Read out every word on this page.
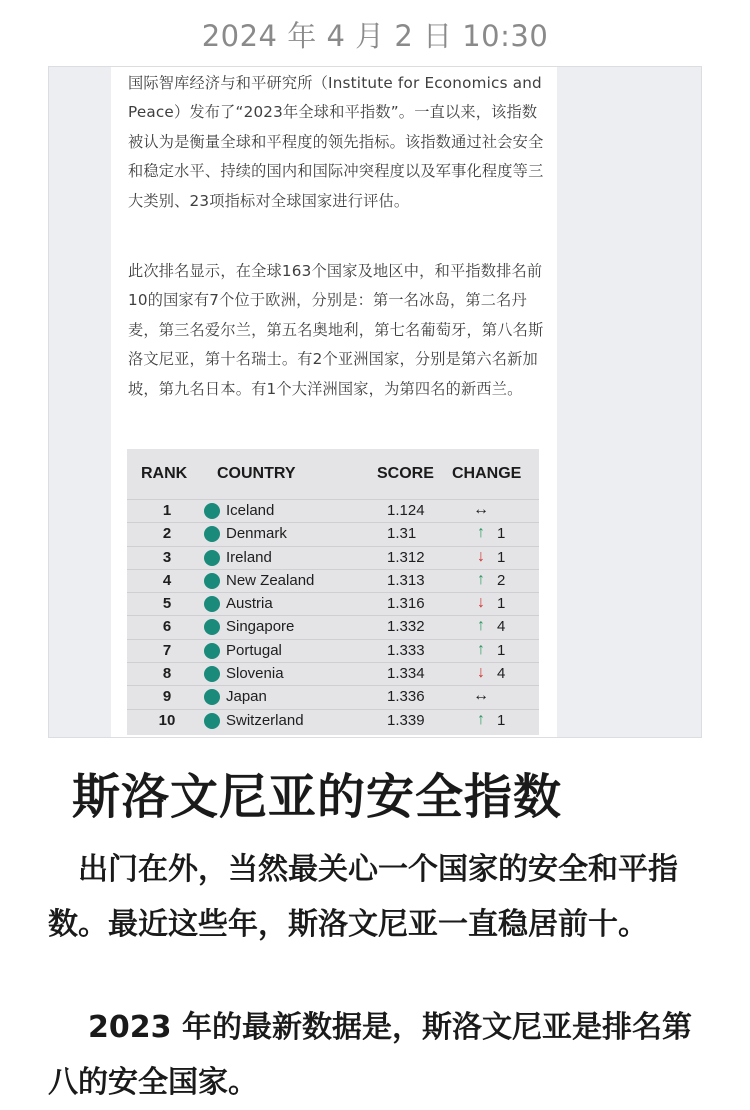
2024 年 4 月 2 日 10:30

国际智库经济与和平研究所（Institute for Economics and Peace）发布了“2023年全球和平指数”。一直以来，该指数被认为是衡量全球和平程度的领先指标。该指数通过社会安全和稳定水平、持续的国内和国际冲突程度以及军事化程度等三大类别、23项指标对全球国家进行评估。

此次排名显示，在全球163个国家及地区中，和平指数排名前10的国家有7个位于欧洲，分别是：第一名冰岛，第二名丹麦，第三名爱尔兰，第五名奥地利，第七名葡萄牙，第八名斯洛文尼亚，第十名瑞士。有2个亚洲国家，分别是第六名新加坡，第九名日本。有1个大洋洲国家，为第四名的新西兰。

RANK COUNTRY	SCORE CHANGE
1	Iceland	1.124	↔
2	Denmark	1.31	↑ 1
3	Ireland	1.312	↓ 1
4	New Zealand	1.313	↑ 2
5	Austria	1.316	↓ 1
6	Singapore	1.332	↑ 4
7	Portugal	1.333	↑ 1
8	Slovenia	1.334	↓ 4
9	Japan	1.336	↔
10	Switzerland	1.339	↑ 1
斯洛文尼亚的安全指数

出门在外，当然最关心一个国家的安全和平指数。最近这些年，斯洛文尼亚一直稳居前十。

2023 年的最新数据是，斯洛文尼亚是排名第八的安全国家。
